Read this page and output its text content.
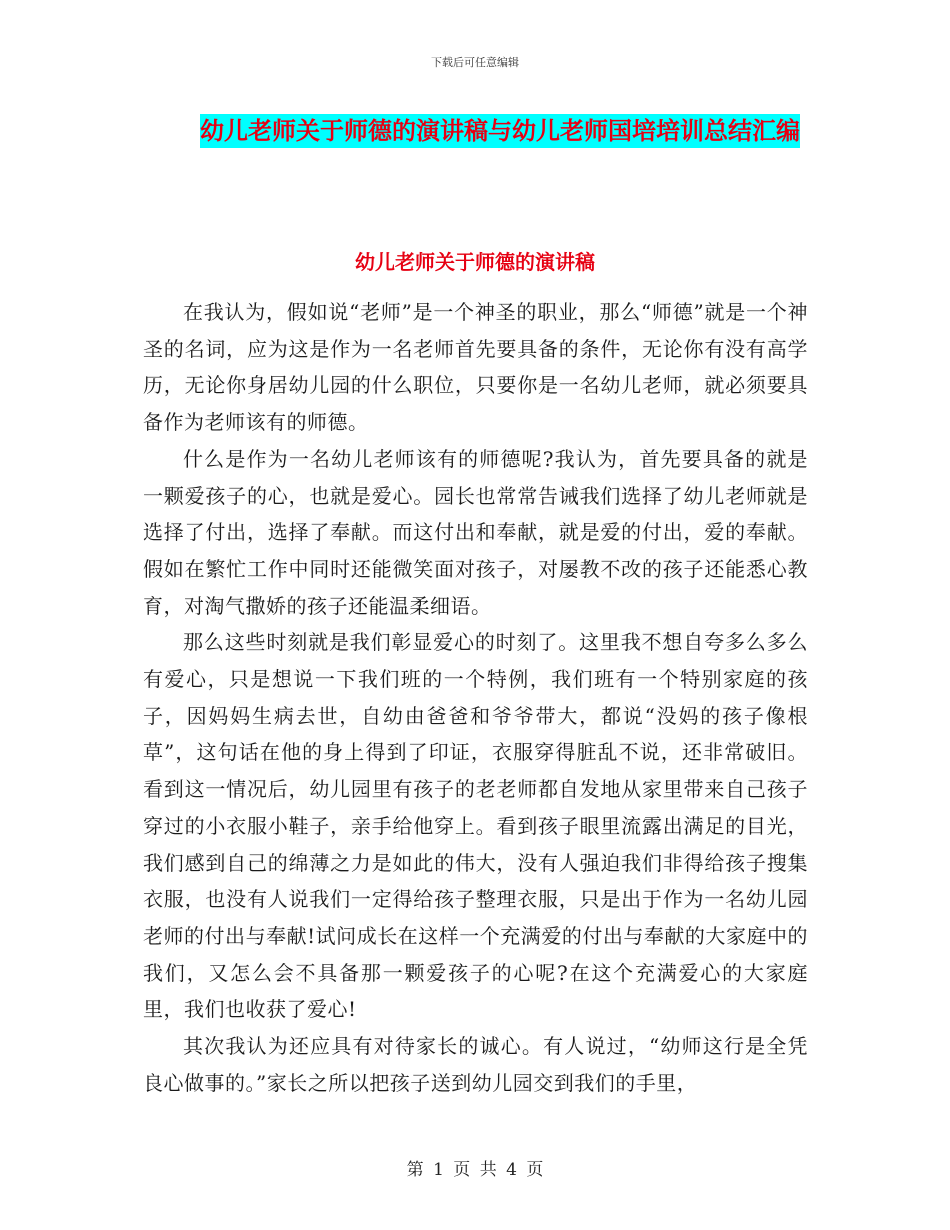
下载后可任意编辑
幼儿老师关于师德的演讲稿与幼儿老师国培培训总结汇编
幼儿老师关于师德的演讲稿

在我认为，假如说“老师”是一个神圣的职业，那么“师德”就是一个神圣的名词，应为这是作为一名老师首先要具备的条件，无论你有没有高学历，无论你身居幼儿园的什么职位，只要你是一名幼儿老师，就必须要具备作为老师该有的师德。

什么是作为一名幼儿老师该有的师德呢?我认为，首先要具备的就是一颗爱孩子的心，也就是爱心。园长也常常告诫我们选择了幼儿老师就是选择了付出，选择了奉献。而这付出和奉献，就是爱的付出，爱的奉献。假如在繁忙工作中同时还能微笑面对孩子，对屡教不改的孩子还能悉心教育，对淘气撒娇的孩子还能温柔细语。

那么这些时刻就是我们彰显爱心的时刻了。这里我不想自夸多么多么有爱心，只是想说一下我们班的一个特例，我们班有一个特别家庭的孩子，因妈妈生病去世，自幼由爸爸和爷爷带大，都说“没妈的孩子像根草”，这句话在他的身上得到了印证，衣服穿得脏乱不说，还非常破旧。看到这一情况后，幼儿园里有孩子的老老师都自发地从家里带来自己孩子穿过的小衣服小鞋子，亲手给他穿上。看到孩子眼里流露出满足的目光，我们感到自己的绵薄之力是如此的伟大，没有人强迫我们非得给孩子搜集衣服，也没有人说我们一定得给孩子整理衣服，只是出于作为一名幼儿园老师的付出与奉献!试问成长在这样一个充满爱的付出与奉献的大家庭中的我们，又怎么会不具备那一颗爱孩子的心呢?在这个充满爱心的大家庭里，我们也收获了爱心!

其次我认为还应具有对待家长的诚心。有人说过，“幼师这行是全凭良心做事的。”家长之所以把孩子送到幼儿园交到我们的手里，

第 1 页 共 4 页
